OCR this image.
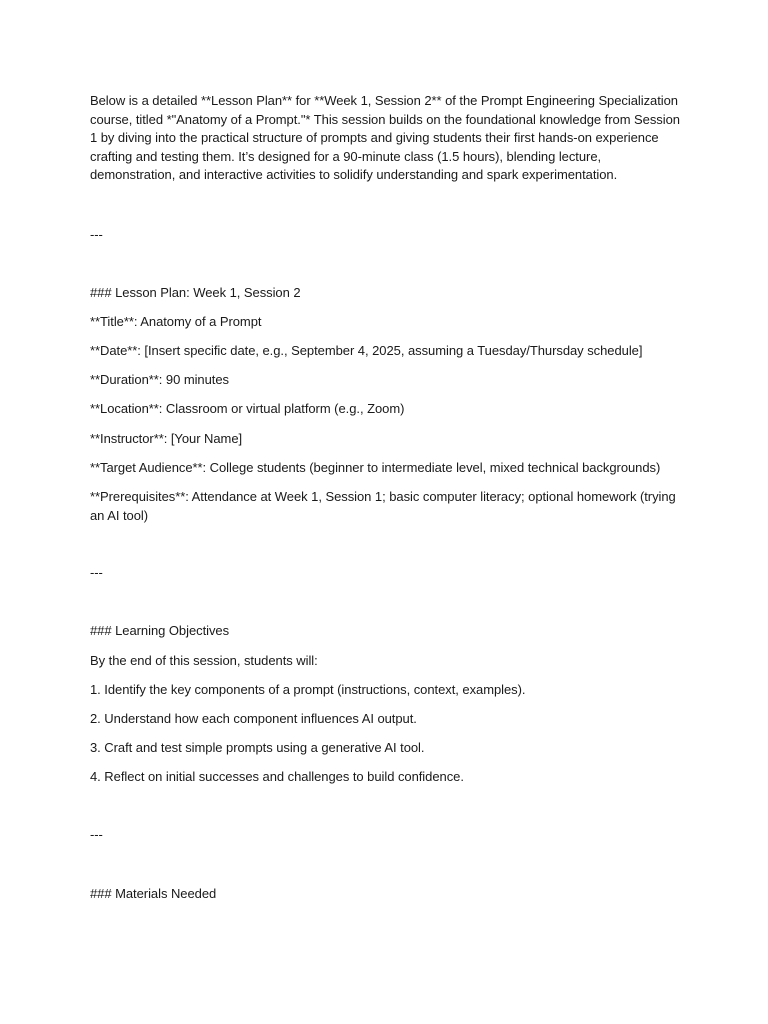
Below is a detailed **Lesson Plan** for **Week 1, Session 2** of the Prompt Engineering Specialization course, titled *"Anatomy of a Prompt."* This session builds on the foundational knowledge from Session 1 by diving into the practical structure of prompts and giving students their first hands-on experience crafting and testing them. It’s designed for a 90-minute class (1.5 hours), blending lecture, demonstration, and interactive activities to solidify understanding and spark experimentation.

---

### Lesson Plan: Week 1, Session 2

**Title**: Anatomy of a Prompt

**Date**: [Insert specific date, e.g., September 4, 2025, assuming a Tuesday/Thursday schedule]

**Duration**: 90 minutes

**Location**: Classroom or virtual platform (e.g., Zoom)

**Instructor**: [Your Name]

**Target Audience**: College students (beginner to intermediate level, mixed technical backgrounds)

**Prerequisites**: Attendance at Week 1, Session 1; basic computer literacy; optional homework (trying an AI tool)

---

### Learning Objectives

By the end of this session, students will:

1. Identify the key components of a prompt (instructions, context, examples).

2. Understand how each component influences AI output.

3. Craft and test simple prompts using a generative AI tool.

4. Reflect on initial successes and challenges to build confidence.

---

### Materials Needed
